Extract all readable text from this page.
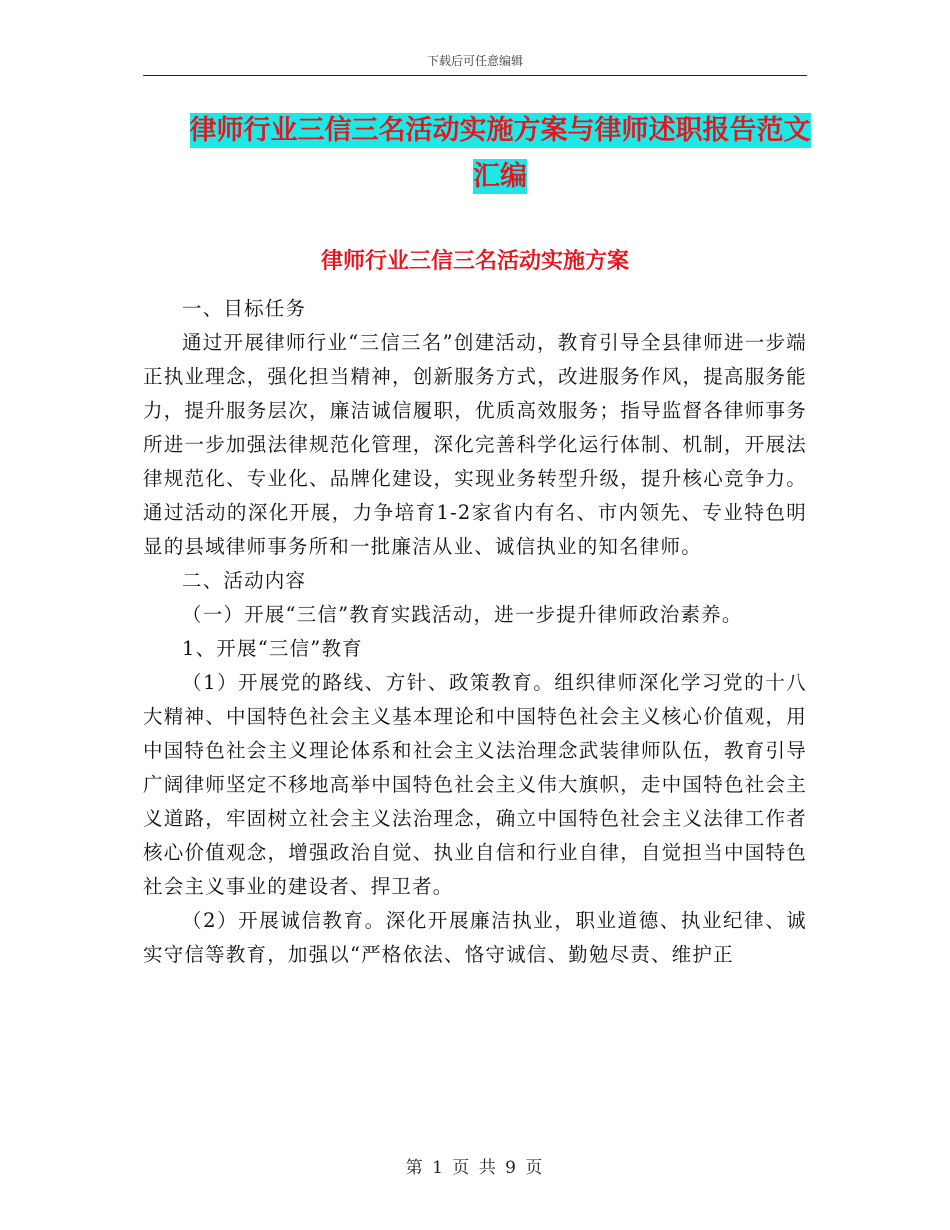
下载后可任意编辑
律师行业三信三名活动实施方案与律师述职报告范文
汇编
律师行业三信三名活动实施方案

一、目标任务

通过开展律师行业“三信三名”创建活动，教育引导全县律师进一步端正执业理念，强化担当精神，创新服务方式，改进服务作风，提高服务能力，提升服务层次，廉洁诚信履职，优质高效服务；指导监督各律师事务所进一步加强法律规范化管理，深化完善科学化运行体制、机制，开展法律规范化、专业化、品牌化建设，实现业务转型升级，提升核心竞争力。通过活动的深化开展，力争培育1-2家省内有名、市内领先、专业特色明显的县域律师事务所和一批廉洁从业、诚信执业的知名律师。

二、活动内容

（一）开展“三信”教育实践活动，进一步提升律师政治素养。

1、开展“三信”教育

（1）开展党的路线、方针、政策教育。组织律师深化学习党的十八大精神、中国特色社会主义基本理论和中国特色社会主义核心价值观，用中国特色社会主义理论体系和社会主义法治理念武装律师队伍，教育引导广阔律师坚定不移地高举中国特色社会主义伟大旗帜，走中国特色社会主义道路，牢固树立社会主义法治理念，确立中国特色社会主义法律工作者核心价值观念，增强政治自觉、执业自信和行业自律，自觉担当中国特色社会主义事业的建设者、捍卫者。

（2）开展诚信教育。深化开展廉洁执业，职业道德、执业纪律、诚实守信等教育，加强以“严格依法、恪守诚信、勤勉尽责、维护正

第 1 页 共 9 页
